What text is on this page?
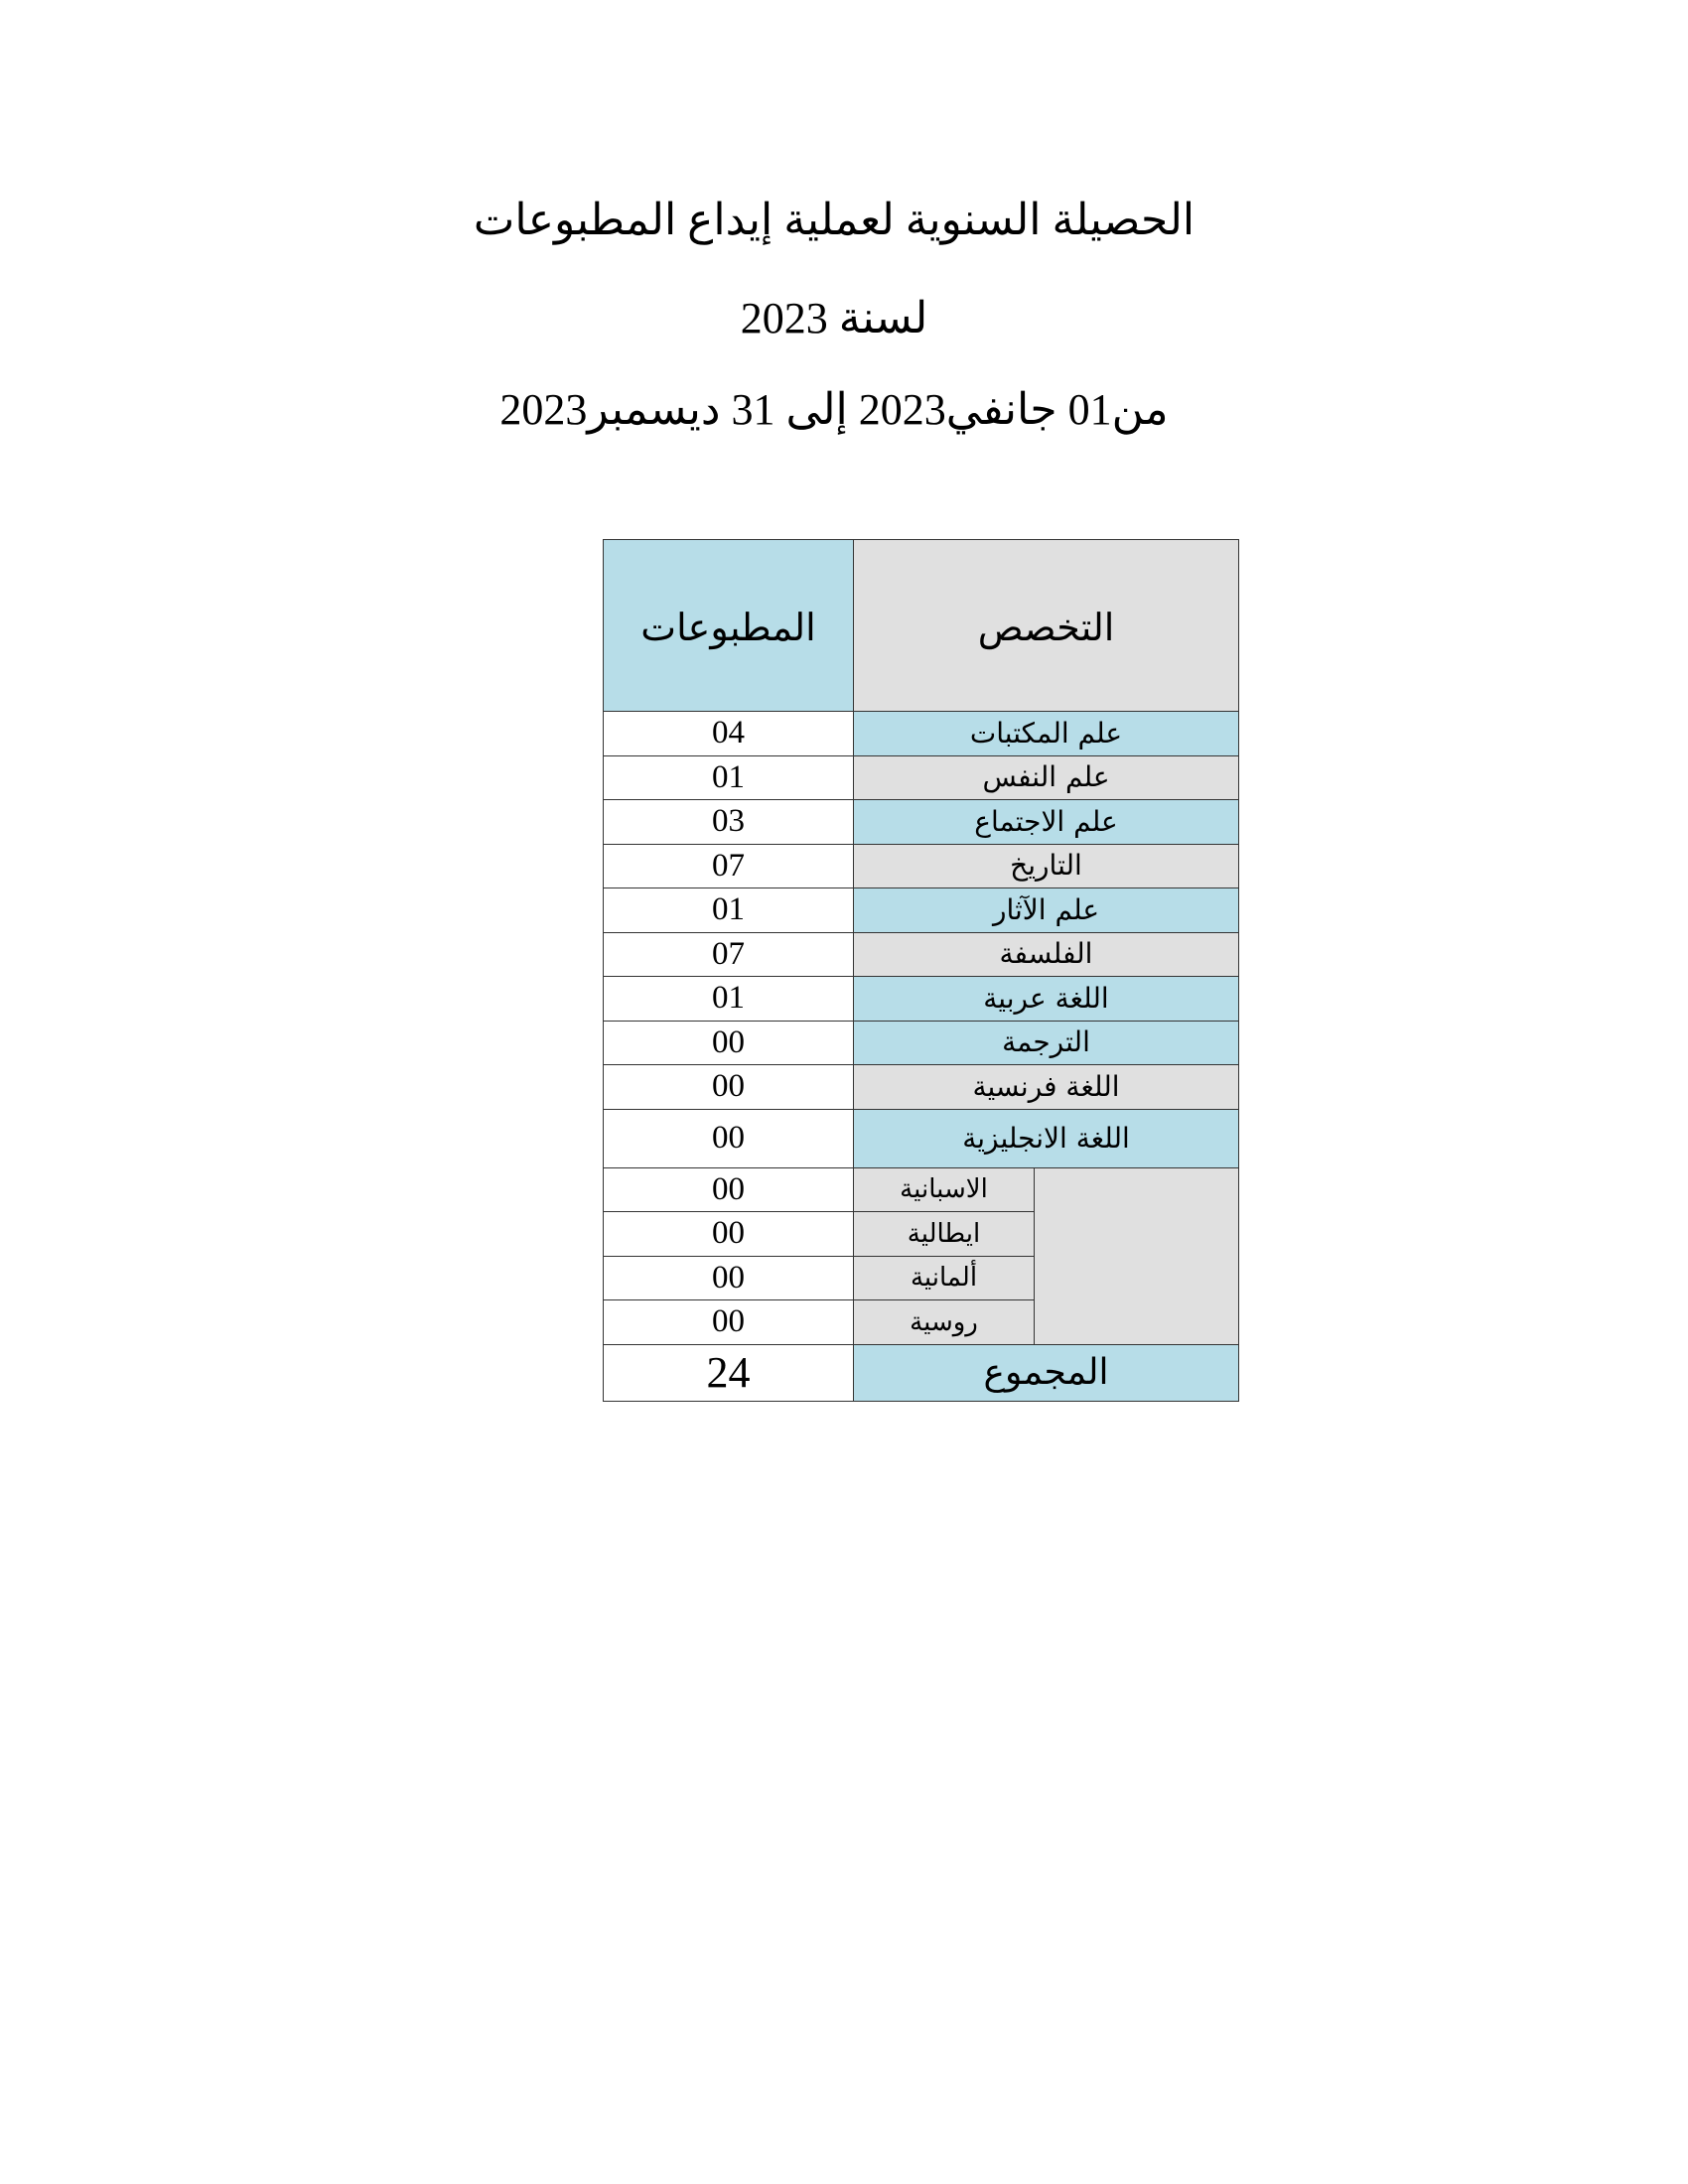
الحصيلة السنوية لعملية إيداع المطبوعات
لسنة 2023
من01 جانفي2023 إلى 31 ديسمبر2023
المطبوعات	التخصص	
04	علم المكتبات	
01	علم النفس	
03	علم الاجتماع	
07	التاريخ	
01	علم الآثار	
07	الفلسفة	
01	اللغة عربية	
00	الترجمة	
00	اللغة فرنسية	
00	اللغة الانجليزية	
00	الاسبانية	
00	ايطالية	
00	ألمانية	
00	روسية	
24	المجموع	
